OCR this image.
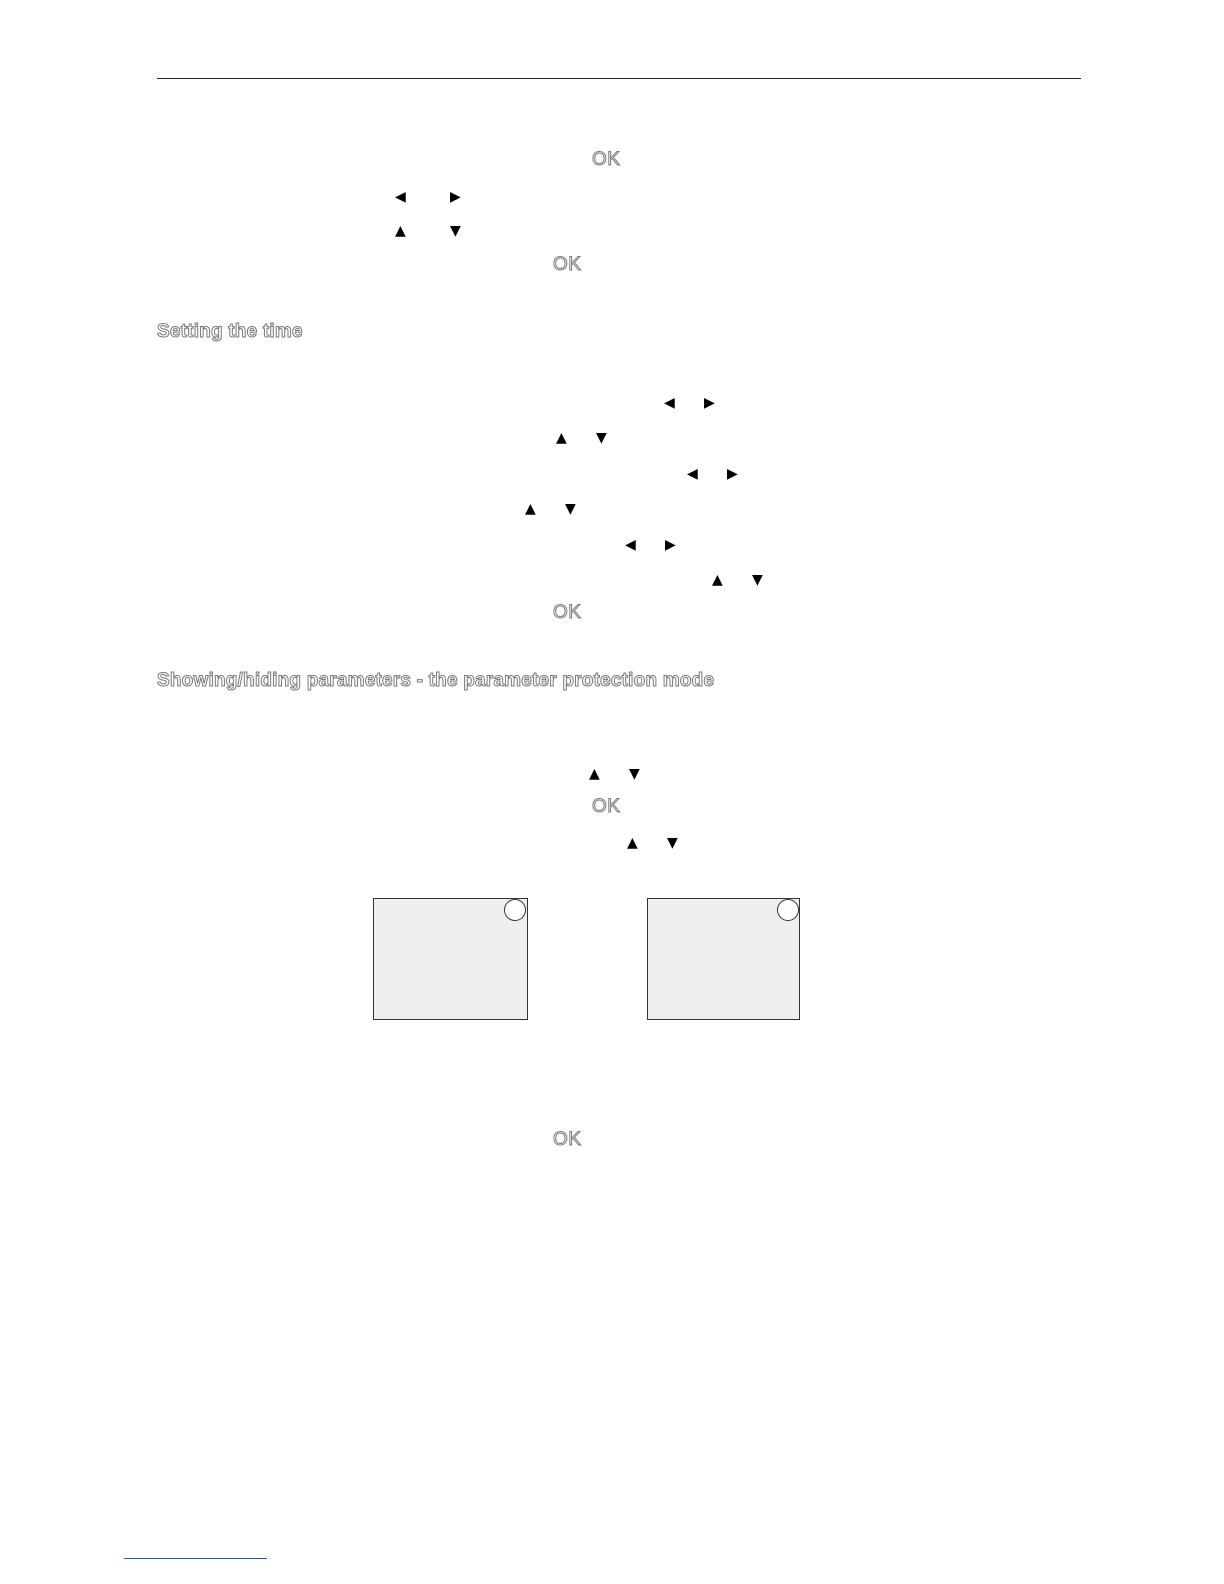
OK
◀	▶
▲	▼
OK
Setting the time
◀ ▶
▲ ▼
◀ ▶
▲ ▼
◀ ▶
▲ ▼
OK
Showing/hiding parameters - the parameter protection mode
▲ ▼
OK
▲ ▼
OK
